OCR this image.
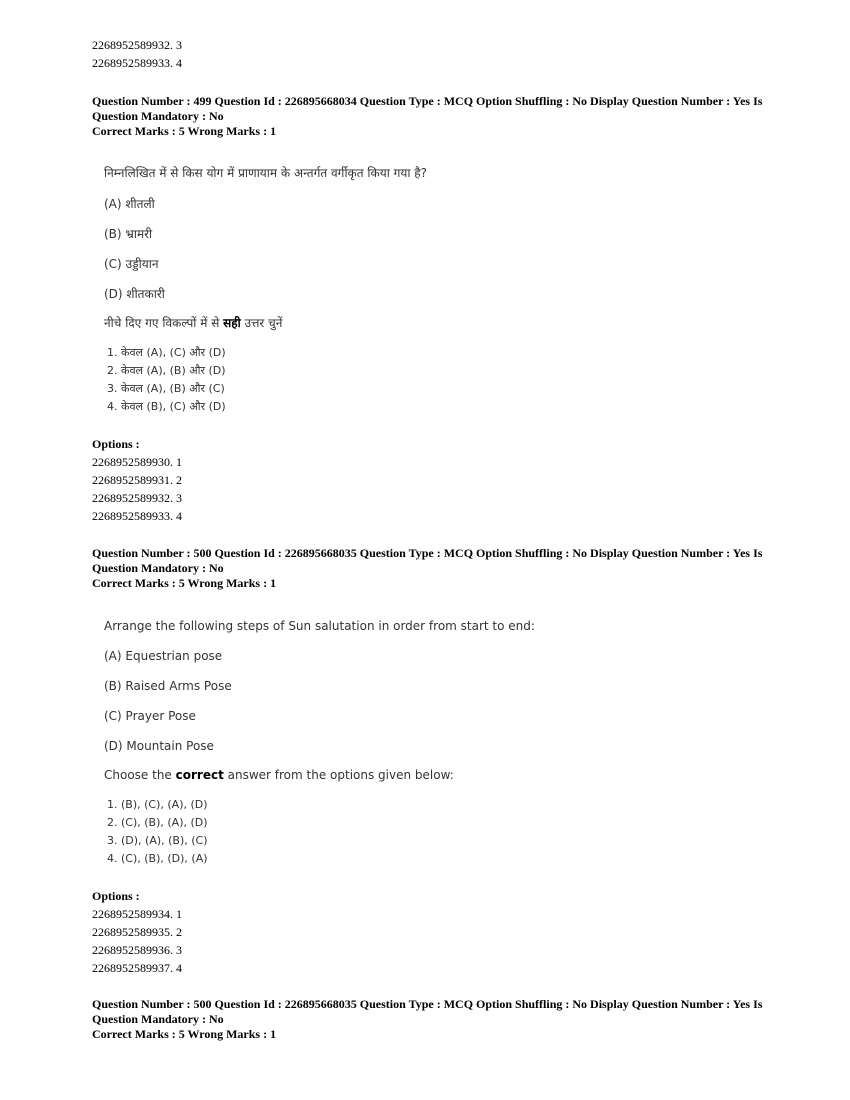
2268952589932. 3
2268952589933. 4
Question Number : 499 Question Id : 226895668034 Question Type : MCQ Option Shuffling : No Display Question Number : Yes Is
Question Mandatory : No
Correct Marks : 5 Wrong Marks : 1
निम्नलिखित में से किस योग में प्राणायाम के अन्तर्गत वर्गीकृत किया गया है?
(A) शीतली
(B) भ्रामरी
(C) उड्डीयान
(D) शीतकारी
नीचे दिए गए विकल्पों में से सही उत्तर चुनें
1. केवल (A), (C) और (D)
2. केवल (A), (B) और (D)
3. केवल (A), (B) और (C)
4. केवल (B), (C) और (D)
Options :
2268952589930. 1
2268952589931. 2
2268952589932. 3
2268952589933. 4
Question Number : 500 Question Id : 226895668035 Question Type : MCQ Option Shuffling : No Display Question Number : Yes Is
Question Mandatory : No
Correct Marks : 5 Wrong Marks : 1
Arrange the following steps of Sun salutation in order from start to end:
(A) Equestrian pose
(B) Raised Arms Pose
(C) Prayer Pose
(D) Mountain Pose
Choose the correct answer from the options given below:
1. (B), (C), (A), (D)
2. (C), (B), (A), (D)
3. (D), (A), (B), (C)
4. (C), (B), (D), (A)
Options :
2268952589934. 1
2268952589935. 2
2268952589936. 3
2268952589937. 4
Question Number : 500 Question Id : 226895668035 Question Type : MCQ Option Shuffling : No Display Question Number : Yes Is
Question Mandatory : No
Correct Marks : 5 Wrong Marks : 1
